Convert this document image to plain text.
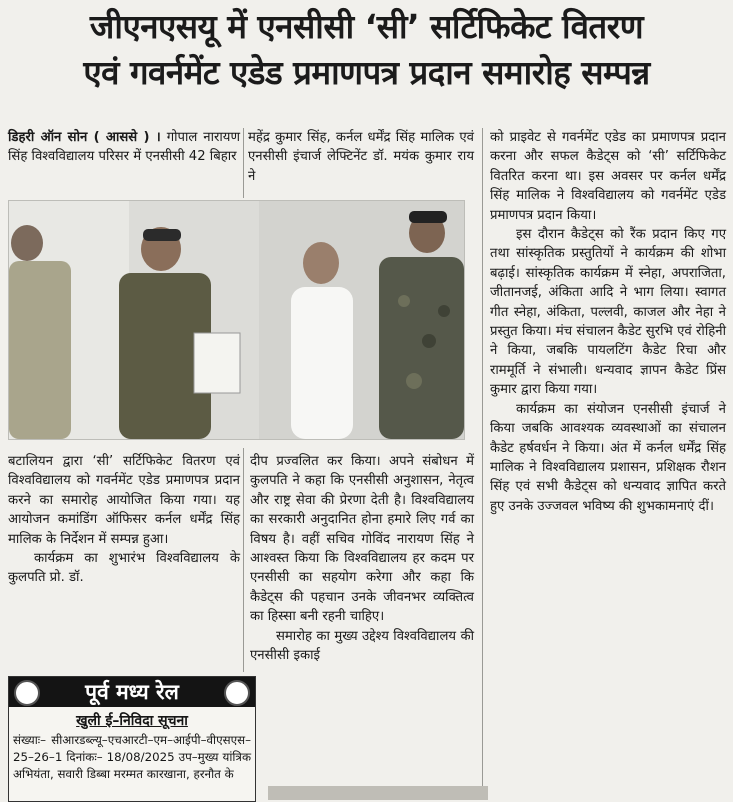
जीएनएसयू में एनसीसी ‘सी’ सर्टिफिकेट वितरण
एवं गवर्नमेंट एडेड प्रमाणपत्र प्रदान समारोह सम्पन्न

डिहरी ऑन सोन ( आससे ) । गोपाल नारायण सिंह विश्वविद्यालय परिसर में एनसीसी 42 बिहार

महेंद्र कुमार सिंह, कर्नल धर्मेंद्र सिंह मालिक एवं एनसीसी इंचार्ज लेफ्टिनेंट डॉ. मयंक कुमार राय ने

को प्राइवेट से गवर्नमेंट एडेड का प्रमाणपत्र प्रदान करना और सफल कैडेट्स को ‘सी’ सर्टिफिकेट वितरित करना था। इस अवसर पर कर्नल धर्मेंद्र सिंह मालिक ने विश्वविद्यालय को गवर्नमेंट एडेड प्रमाणपत्र प्रदान किया।

इस दौरान कैडेट्स को रैंक प्रदान किए गए तथा सांस्कृतिक प्रस्तुतियों ने कार्यक्रम की शोभा बढ़ाई। सांस्कृतिक कार्यक्रम में स्नेहा, अपराजिता, जीतानजई, अंकिता आदि ने भाग लिया। स्वागत गीत स्नेहा, अंकिता, पल्लवी, काजल और नेहा ने प्रस्तुत किया। मंच संचालन कैडेट सुरभि एवं रोहिनी ने किया, जबकि पायलटिंग कैडेट रिचा और राममूर्ति ने संभाली। धन्यवाद ज्ञापन कैडेट प्रिंस कुमार द्वारा किया गया।

कार्यक्रम का संयोजन एनसीसी इंचार्ज ने किया जबकि आवश्यक व्यवस्थाओं का संचालन कैडेट हर्षवर्धन ने किया। अंत में कर्नल धर्मेंद्र सिंह मालिक ने विश्वविद्यालय प्रशासन, प्रशिक्षक रौशन सिंह एवं सभी कैडेट्स को धन्यवाद ज्ञापित करते हुए उनके उज्जवल भविष्य की शुभकामनाएं दीं।

बटालियन द्वारा ‘सी’ सर्टिफिकेट वितरण एवं विश्वविद्यालय को गवर्नमेंट एडेड प्रमाणपत्र प्रदान करने का समारोह आयोजित किया गया। यह आयोजन कमांडिंग ऑफिसर कर्नल धर्मेंद्र सिंह मालिक के निर्देशन में सम्पन्न हुआ।

कार्यक्रम का शुभारंभ विश्वविद्यालय के कुलपति प्रो. डॉ.

दीप प्रज्वलित कर किया। अपने संबोधन में कुलपति ने कहा कि एनसीसी अनुशासन, नेतृत्व और राष्ट्र सेवा की प्रेरणा देती है। विश्वविद्यालय का सरकारी अनुदानित होना हमारे लिए गर्व का विषय है। वहीं सचिव गोविंद नारायण सिंह ने आश्वस्त किया कि विश्वविद्यालय हर कदम पर एनसीसी का सहयोग करेगा और कहा कि कैडेट्स की पहचान उनके जीवनभर व्यक्तित्व का हिस्सा बनी रहनी चाहिए।

समारोह का मुख्य उद्देश्य विश्वविद्यालय की एनसीसी इकाई

पूर्व मध्य रेल
खुली ई–निविदा सूचना
संख्याः– सीआरडब्ल्यू–एचआरटी–एम–आईपी–वीएसएस–25–26–1 दिनांकः– 18/08/2025 उप–मुख्य यांत्रिक अभियंता, सवारी डिब्बा मरम्मत कारखाना, हरनौत के
